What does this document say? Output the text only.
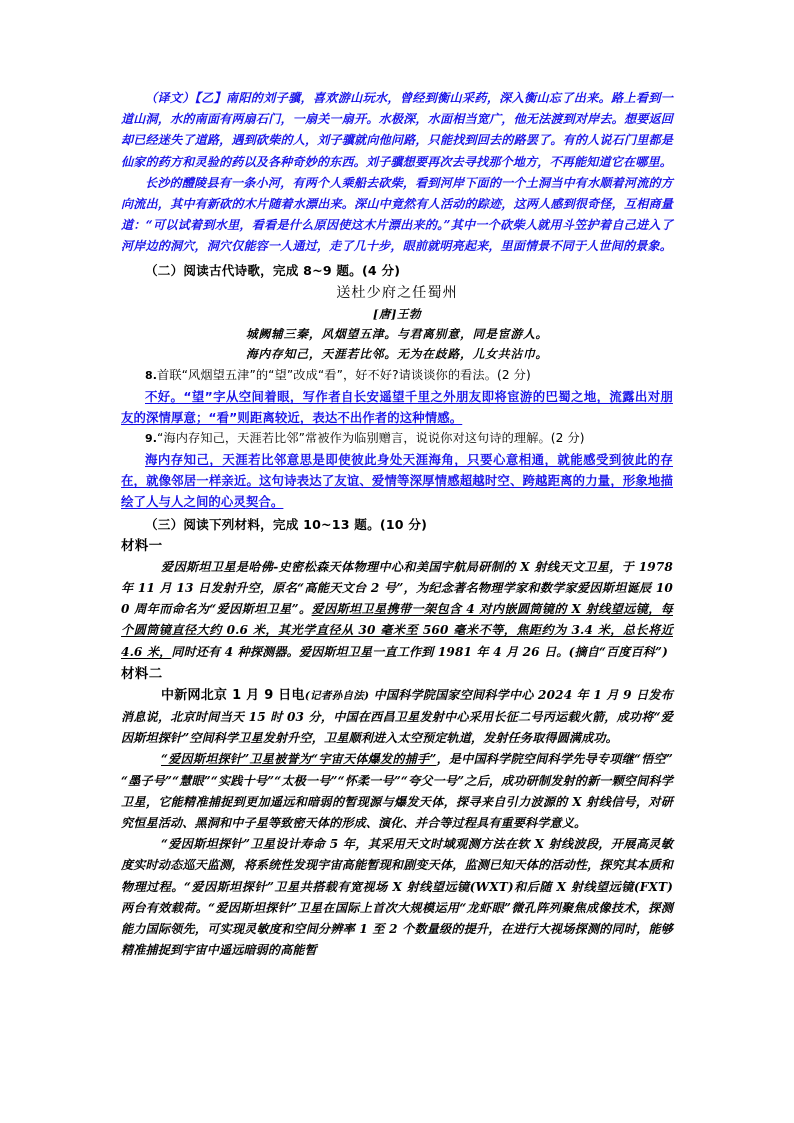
（译文）【乙】南阳的刘子骥，喜欢游山玩水，曾经到衡山采药，深入衡山忘了出来。路上看到一道山洞，水的南面有两扇石门，一扇关一扇开。水极深，水面相当宽广，他无法渡到对岸去。想要返回却已经迷失了道路，遇到砍柴的人，刘子骥就向他问路，只能找到回去的路罢了。有的人说石门里都是仙家的药方和灵验的药以及各种奇妙的东西。刘子骥想要再次去寻找那个地方，不再能知道它在哪里。

长沙的醴陵县有一条小河，有两个人乘船去砍柴，看到河岸下面的一个土洞当中有水顺着河流的方向流出，其中有新砍的木片随着水漂出来。深山中竟然有人活动的踪迹，这两人感到很奇怪，互相商量道：“可以试着到水里，看看是什么原因使这木片漂出来的。”其中一个砍柴人就用斗笠护着自己进入了河岸边的洞穴，洞穴仅能容一人通过，走了几十步，眼前就明亮起来，里面情景不同于人世间的景象。

（二）阅读古代诗歌，完成 8~9 题。(4 分)

送杜少府之任蜀州

[唐]王勃

城阙辅三秦，风烟望五津。与君离别意，同是宦游人。

海内存知己，天涯若比邻。无为在歧路，儿女共沾巾。

8.首联“风烟望五津”的“望”改成“看”，好不好?请谈谈你的看法。(2 分)

不好。“望”字从空间着眼，写作者自长安遥望千里之外朋友即将宦游的巴蜀之地，流露出对朋友的深情厚意；“看”则距离较近，表达不出作者的这种情感。

9.“海内存知己，天涯若比邻”常被作为临别赠言，说说你对这句诗的理解。(2 分)

海内存知己，天涯若比邻意思是即使彼此身处天涯海角，只要心意相通，就能感受到彼此的存在，就像邻居一样亲近。这句诗表达了友谊、爱情等深厚情感超越时空、跨越距离的力量，形象地描绘了人与人之间的心灵契合。

（三）阅读下列材料，完成 10~13 题。(10 分)

材料一

爱因斯坦卫星是哈佛-史密松森天体物理中心和美国宇航局研制的 X 射线天文卫星，于 1978 年 11 月 13 日发射升空，原名“高能天文台 2 号”，为纪念著名物理学家和数学家爱因斯坦诞辰 100 周年而命名为“爱因斯坦卫星”。爱因斯坦卫星携带一架包含 4 对内嵌圆筒镜的 X 射线望远镜，每个圆筒镜直径大约 0.6 米，其光学直径从 30 毫米至 560 毫米不等，焦距约为 3.4 米，总长将近 4.6 米，同时还有 4 种探测器。爱因斯坦卫星一直工作到 1981 年 4 月 26 日。(摘自“百度百科”)

材料二

中新网北京 1 月 9 日电(记者孙自法) 中国科学院国家空间科学中心 2024 年 1 月 9 日发布消息说，北京时间当天 15 时 03 分，中国在西昌卫星发射中心采用长征二号丙运载火箭，成功将“爱因斯坦探针”空间科学卫星发射升空，卫星顺利进入太空预定轨道，发射任务取得圆满成功。

“爱因斯坦探针”卫星被誉为“宇宙天体爆发的捕手”，是中国科学院空间科学先导专项继“悟空”“墨子号”“慧眼”“实践十号”“太极一号”“怀柔一号”“夸父一号”之后，成功研制发射的新一颗空间科学卫星，它能精准捕捉到更加遥远和暗弱的暂现源与爆发天体，探寻来自引力波源的 X 射线信号，对研究恒星活动、黑洞和中子星等致密天体的形成、演化、并合等过程具有重要科学意义。

“爱因斯坦探针”卫星设计寿命 5 年，其采用天文时域观测方法在软 X 射线波段，开展高灵敏度实时动态巡天监测，将系统性发现宇宙高能暂现和剧变天体，监测已知天体的活动性，探究其本质和物理过程。“爱因斯坦探针”卫星共搭载有宽视场 X 射线望远镜(WXT)和后随 X 射线望远镜(FXT)　两台有效载荷。“爱因斯坦探针”卫星在国际上首次大规模运用“龙虾眼”微孔阵列聚焦成像技术，探测能力国际领先，可实现灵敏度和空间分辨率 1 至 2 个数量级的提升，在进行大视场探测的同时，能够精准捕捉到宇宙中遥远暗弱的高能暂
